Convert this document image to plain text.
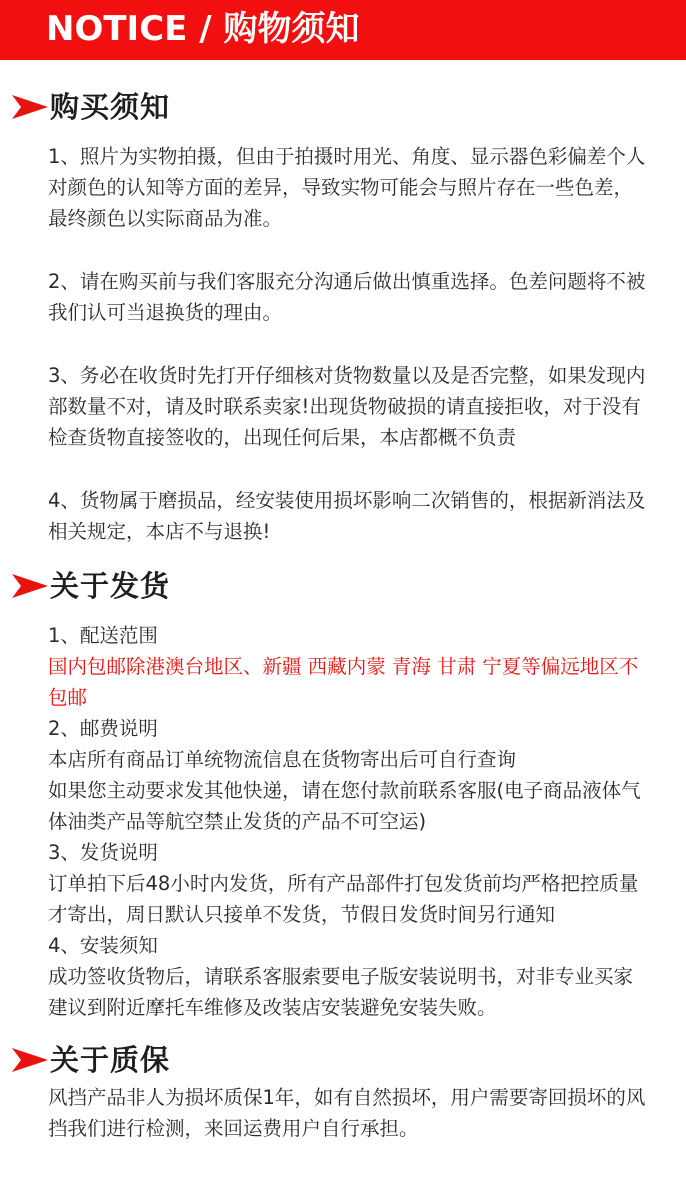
NOTICE / 购物须知
购买须知

1、照片为实物拍摄，但由于拍摄时用光、角度、显示器色彩偏差个人对颜色的认知等方面的差异，导致实物可能会与照片存在一些色差，最终颜色以实际商品为准。

2、请在购买前与我们客服充分沟通后做出慎重选择。色差问题将不被我们认可当退换货的理由。

3、务必在收货时先打开仔细核对货物数量以及是否完整，如果发现内部数量不对，请及时联系卖家!出现货物破损的请直接拒收，对于没有检查货物直接签收的，出现任何后果，本店都概不负责

4、货物属于磨损品，经安装使用损坏影响二次销售的，根据新消法及相关规定，本店不与退换!

关于发货

1、配送范围

国内包邮除港澳台地区、新疆 西藏内蒙 青海 甘肃 宁夏等偏远地区不包邮

2、邮费说明

本店所有商品订单统物流信息在货物寄出后可自行查询

如果您主动要求发其他快递，请在您付款前联系客服(电子商品液体气体油类产品等航空禁止发货的产品不可空运)

3、发货说明

订单拍下后48小时内发货，所有产品部件打包发货前均严格把控质量才寄出，周日默认只接单不发货，节假日发货时间另行通知

4、安装须知

成功签收货物后，请联系客服索要电子版安装说明书，对非专业买家建议到附近摩托车维修及改装店安装避免安装失败。

关于质保

风挡产品非人为损坏质保1年，如有自然损坏，用户需要寄回损坏的风挡我们进行检测，来回运费用户自行承担。
